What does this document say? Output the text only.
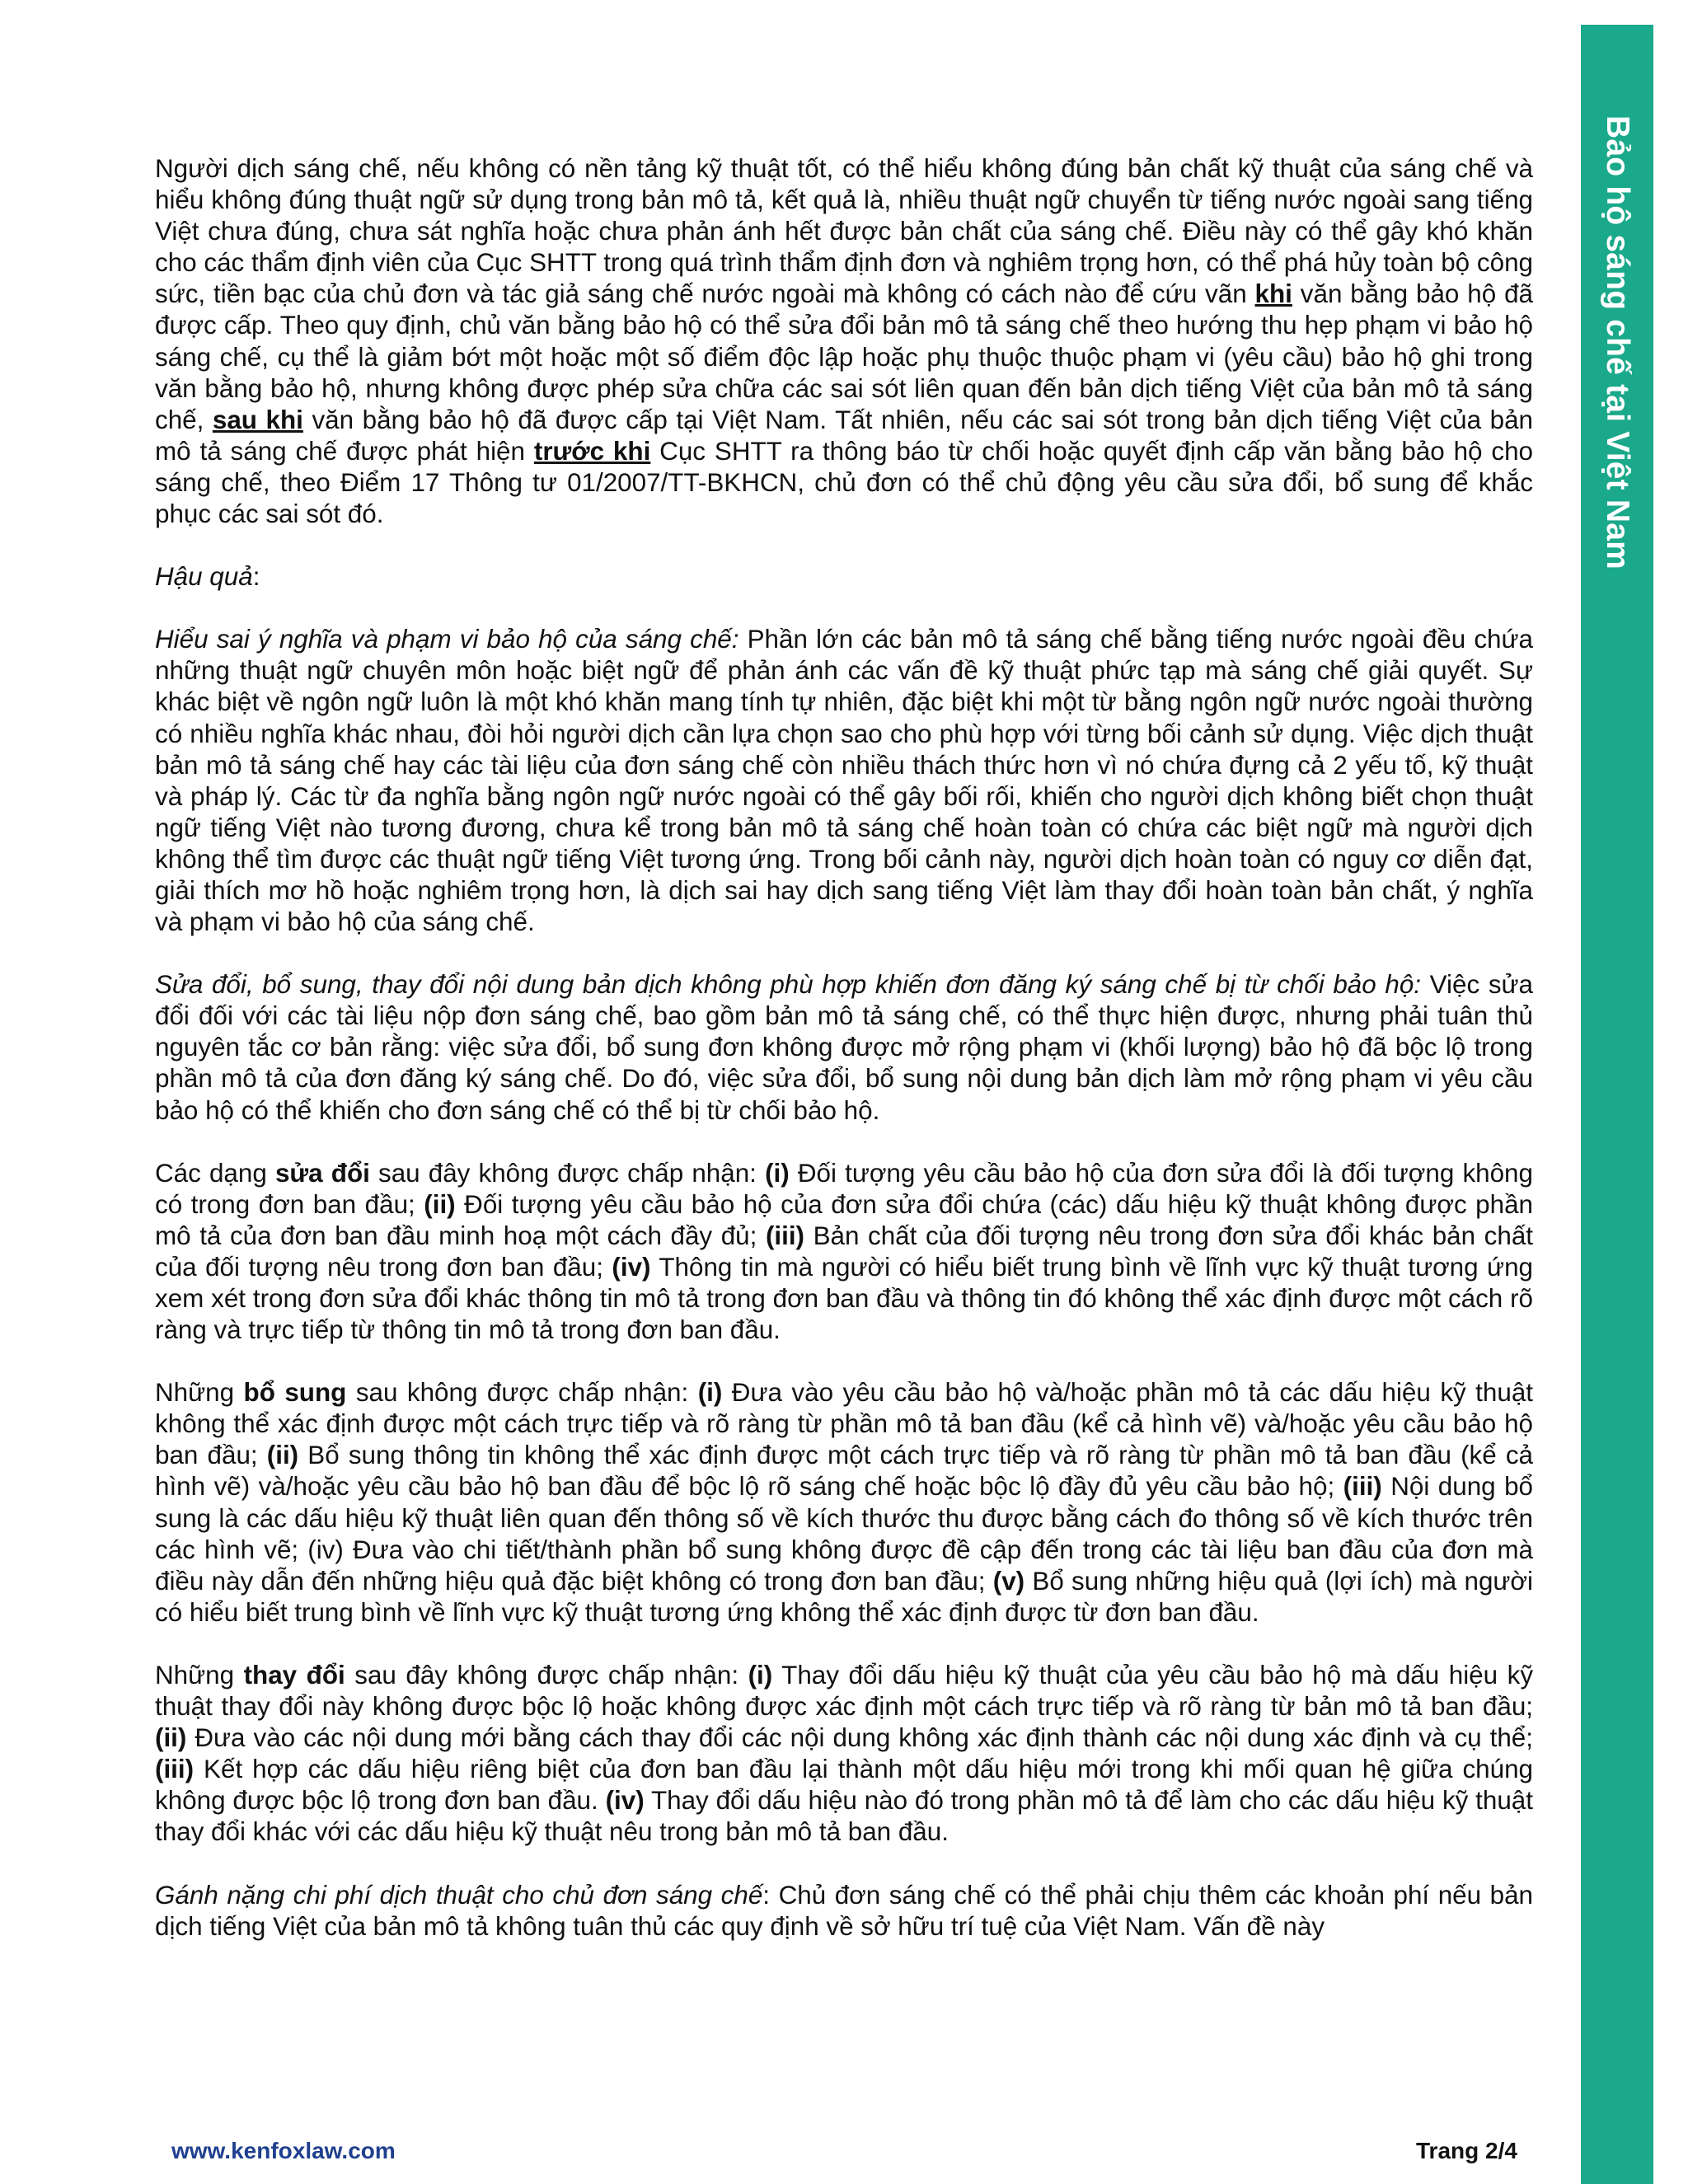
Bảo hộ sáng chế tại Việt Nam

Người dịch sáng chế, nếu không có nền tảng kỹ thuật tốt, có thể hiểu không đúng bản chất kỹ thuật của sáng chế và hiểu không đúng thuật ngữ sử dụng trong bản mô tả, kết quả là, nhiều thuật ngữ chuyển từ tiếng nước ngoài sang tiếng Việt chưa đúng, chưa sát nghĩa hoặc chưa phản ánh hết được bản chất của sáng chế. Điều này có thể gây khó khăn cho các thẩm định viên của Cục SHTT trong quá trình thẩm định đơn và nghiêm trọng hơn, có thể phá hủy toàn bộ công sức, tiền bạc của chủ đơn và tác giả sáng chế nước ngoài mà không có cách nào để cứu vãn khi văn bằng bảo hộ đã được cấp. Theo quy định, chủ văn bằng bảo hộ có thể sửa đổi bản mô tả sáng chế theo hướng thu hẹp phạm vi bảo hộ sáng chế, cụ thể là giảm bớt một hoặc một số điểm độc lập hoặc phụ thuộc thuộc phạm vi (yêu cầu) bảo hộ ghi trong văn bằng bảo hộ, nhưng không được phép sửa chữa các sai sót liên quan đến bản dịch tiếng Việt của bản mô tả sáng chế, sau khi văn bằng bảo hộ đã được cấp tại Việt Nam. Tất nhiên, nếu các sai sót trong bản dịch tiếng Việt của bản mô tả sáng chế được phát hiện trước khi Cục SHTT ra thông báo từ chối hoặc quyết định cấp văn bằng bảo hộ cho sáng chế, theo Điểm 17 Thông tư 01/2007/TT-BKHCN, chủ đơn có thể chủ động yêu cầu sửa đổi, bổ sung để khắc phục các sai sót đó.

Hậu quả:

Hiểu sai ý nghĩa và phạm vi bảo hộ của sáng chế: Phần lớn các bản mô tả sáng chế bằng tiếng nước ngoài đều chứa những thuật ngữ chuyên môn hoặc biệt ngữ để phản ánh các vấn đề kỹ thuật phức tạp mà sáng chế giải quyết. Sự khác biệt về ngôn ngữ luôn là một khó khăn mang tính tự nhiên, đặc biệt khi một từ bằng ngôn ngữ nước ngoài thường có nhiều nghĩa khác nhau, đòi hỏi người dịch cần lựa chọn sao cho phù hợp với từng bối cảnh sử dụng. Việc dịch thuật bản mô tả sáng chế hay các tài liệu của đơn sáng chế còn nhiều thách thức hơn vì nó chứa đựng cả 2 yếu tố, kỹ thuật và pháp lý. Các từ đa nghĩa bằng ngôn ngữ nước ngoài có thể gây bối rối, khiến cho người dịch không biết chọn thuật ngữ tiếng Việt nào tương đương, chưa kể trong bản mô tả sáng chế hoàn toàn có chứa các biệt ngữ mà người dịch không thể tìm được các thuật ngữ tiếng Việt tương ứng. Trong bối cảnh này, người dịch hoàn toàn có nguy cơ diễn đạt, giải thích mơ hồ hoặc nghiêm trọng hơn, là dịch sai hay dịch sang tiếng Việt làm thay đổi hoàn toàn bản chất, ý nghĩa và phạm vi bảo hộ của sáng chế.

Sửa đổi, bổ sung, thay đổi nội dung bản dịch không phù hợp khiến đơn đăng ký sáng chế bị từ chối bảo hộ: Việc sửa đổi đối với các tài liệu nộp đơn sáng chế, bao gồm bản mô tả sáng chế, có thể thực hiện được, nhưng phải tuân thủ nguyên tắc cơ bản rằng: việc sửa đổi, bổ sung đơn không được mở rộng phạm vi (khối lượng) bảo hộ đã bộc lộ trong phần mô tả của đơn đăng ký sáng chế. Do đó, việc sửa đổi, bổ sung nội dung bản dịch làm mở rộng phạm vi yêu cầu bảo hộ có thể khiến cho đơn sáng chế có thể bị từ chối bảo hộ.

Các dạng sửa đổi sau đây không được chấp nhận: (i) Đối tượng yêu cầu bảo hộ của đơn sửa đổi là đối tượng không có trong đơn ban đầu; (ii) Đối tượng yêu cầu bảo hộ của đơn sửa đổi chứa (các) dấu hiệu kỹ thuật không được phần mô tả của đơn ban đầu minh hoạ một cách đầy đủ; (iii) Bản chất của đối tượng nêu trong đơn sửa đổi khác bản chất của đối tượng nêu trong đơn ban đầu; (iv) Thông tin mà người có hiểu biết trung bình về lĩnh vực kỹ thuật tương ứng xem xét trong đơn sửa đổi khác thông tin mô tả trong đơn ban đầu và thông tin đó không thể xác định được một cách rõ ràng và trực tiếp từ thông tin mô tả trong đơn ban đầu.

Những bổ sung sau không được chấp nhận: (i) Đưa vào yêu cầu bảo hộ và/hoặc phần mô tả các dấu hiệu kỹ thuật không thể xác định được một cách trực tiếp và rõ ràng từ phần mô tả ban đầu (kể cả hình vẽ) và/hoặc yêu cầu bảo hộ ban đầu; (ii) Bổ sung thông tin không thể xác định được một cách trực tiếp và rõ ràng từ phần mô tả ban đầu (kể cả hình vẽ) và/hoặc yêu cầu bảo hộ ban đầu để bộc lộ rõ sáng chế hoặc bộc lộ đầy đủ yêu cầu bảo hộ; (iii) Nội dung bổ sung là các dấu hiệu kỹ thuật liên quan đến thông số về kích thước thu được bằng cách đo thông số về kích thước trên các hình vẽ; (iv) Đưa vào chi tiết/thành phần bổ sung không được đề cập đến trong các tài liệu ban đầu của đơn mà điều này dẫn đến những hiệu quả đặc biệt không có trong đơn ban đầu; (v) Bổ sung những hiệu quả (lợi ích) mà người có hiểu biết trung bình về lĩnh vực kỹ thuật tương ứng không thể xác định được từ đơn ban đầu.

Những thay đổi sau đây không được chấp nhận: (i) Thay đổi dấu hiệu kỹ thuật của yêu cầu bảo hộ mà dấu hiệu kỹ thuật thay đổi này không được bộc lộ hoặc không được xác định một cách trực tiếp và rõ ràng từ bản mô tả ban đầu; (ii) Đưa vào các nội dung mới bằng cách thay đổi các nội dung không xác định thành các nội dung xác định và cụ thể; (iii) Kết hợp các dấu hiệu riêng biệt của đơn ban đầu lại thành một dấu hiệu mới trong khi mối quan hệ giữa chúng không được bộc lộ trong đơn ban đầu. (iv) Thay đổi dấu hiệu nào đó trong phần mô tả để làm cho các dấu hiệu kỹ thuật thay đổi khác với các dấu hiệu kỹ thuật nêu trong bản mô tả ban đầu.

Gánh nặng chi phí dịch thuật cho chủ đơn sáng chế: Chủ đơn sáng chế có thể phải chịu thêm các khoản phí nếu bản dịch tiếng Việt của bản mô tả không tuân thủ các quy định về sở hữu trí tuệ của Việt Nam. Vấn đề này

www.kenfoxlaw.com	Trang 2/4
